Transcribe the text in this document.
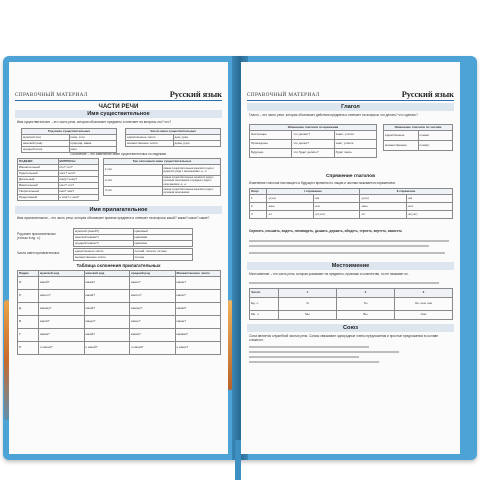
СПРАВОЧНЫЙ МАТЕРИАЛ	Русский язык
ЧАСТИ РЕЧИ
Имя существительное
Имя существительное – это часть речи, которая обозначает предметы и отвечает на вопросы кто? что?
Род имен существительных	
мужской (он)	папа, стол
женский (она)	природа, мама
средний (оно)	окно
Число имен существительных	
единственное число	дом, рука
множественное число	дома, руки
Склонение – это изменение имен существительных по падежам.
ПАДЕЖИ	ВОПРОСЫ
Именительный	кто? что?
Родительный	кого? чего?
Дательный	кому? чему?
Винительный	кого? что?
Творительный	кем? чем?
Предложный	о ком? о чем?
Три склонения имен существительных	
1 скл.	имена существительные женского рода и мужского рода с окончаниями -а, -я
2 скл.	имена существительные мужского рода с нулевым окончанием и среднего рода с окончаниями -о, -е
3 скл.	имена существительные женского рода с нулевым окончанием
Имя прилагательное
Имя прилагательное – это часть речи, которая обозначает признак предмета и отвечает на вопросы какой? какая? какое? какие?
Род имен прилагательных (только в ед. ч.)
мужской (какой?)	красивый
женский (какая?)	красивая
средний (какое?)	красивое
Число имен прилагательных
единственное число	летний, летняя, летнее
множественное число	летние
Таблица склонения прилагательных
Падеж	мужской род	женский род	средний род	Множественное число
И.	какой?	какая?	какое?	какие?
Р.	какого?	какой?	какого?	каких?
Д.	какому?	какой?	какому?	каким?
В.	какой?	какую?	какое?	какие?
Т.	каким?	какой?	каким?	какими?
П.	о каком?	о какой?	о каком?	о каких?
СПРАВОЧНЫЙ МАТЕРИАЛ	Русский язык
Глагол
Глагол – это часть речи, которая обозначает действия предмета и отвечает на вопросы что делать? что сделать?
Изменение глаголов по временам		
Настоящее	что делает?	знает, учится
Прошедшее	что делал?	знал, учился
Будущее	что будет делать?	будет знать
Изменение глаголов по числам	
единственное	плывет
множественное	плывут
Спряжение глаголов
Изменение глаголов настоящего и будущего времени по лицам и числам называется спряжением.
Лицо	I спряжение		II спряжение	
1	-у(-ю)	-ем	-у(-ю)	-им
2	-ешь	-ете	-ишь	-ите
3	-ет	-ут(-ют)	-ит	-ат(-ят)
Спрягать, слышать, видеть, ненавидеть, дышать, держать, обидеть, терпеть, вертеть, зависеть
Местоимение
Местоимение – это часть речи, которая указывает на предметы, признаки и количество, но не называет их.
Число	1	2	3
Ед. ч.	Я	Ты	Он, она, оно
Мн. ч.	Мы	Вы	Они
Союз
Союз является служебной частью речи. Союзы связывают однородные члены предложения и простые предложения в составе сложного.
